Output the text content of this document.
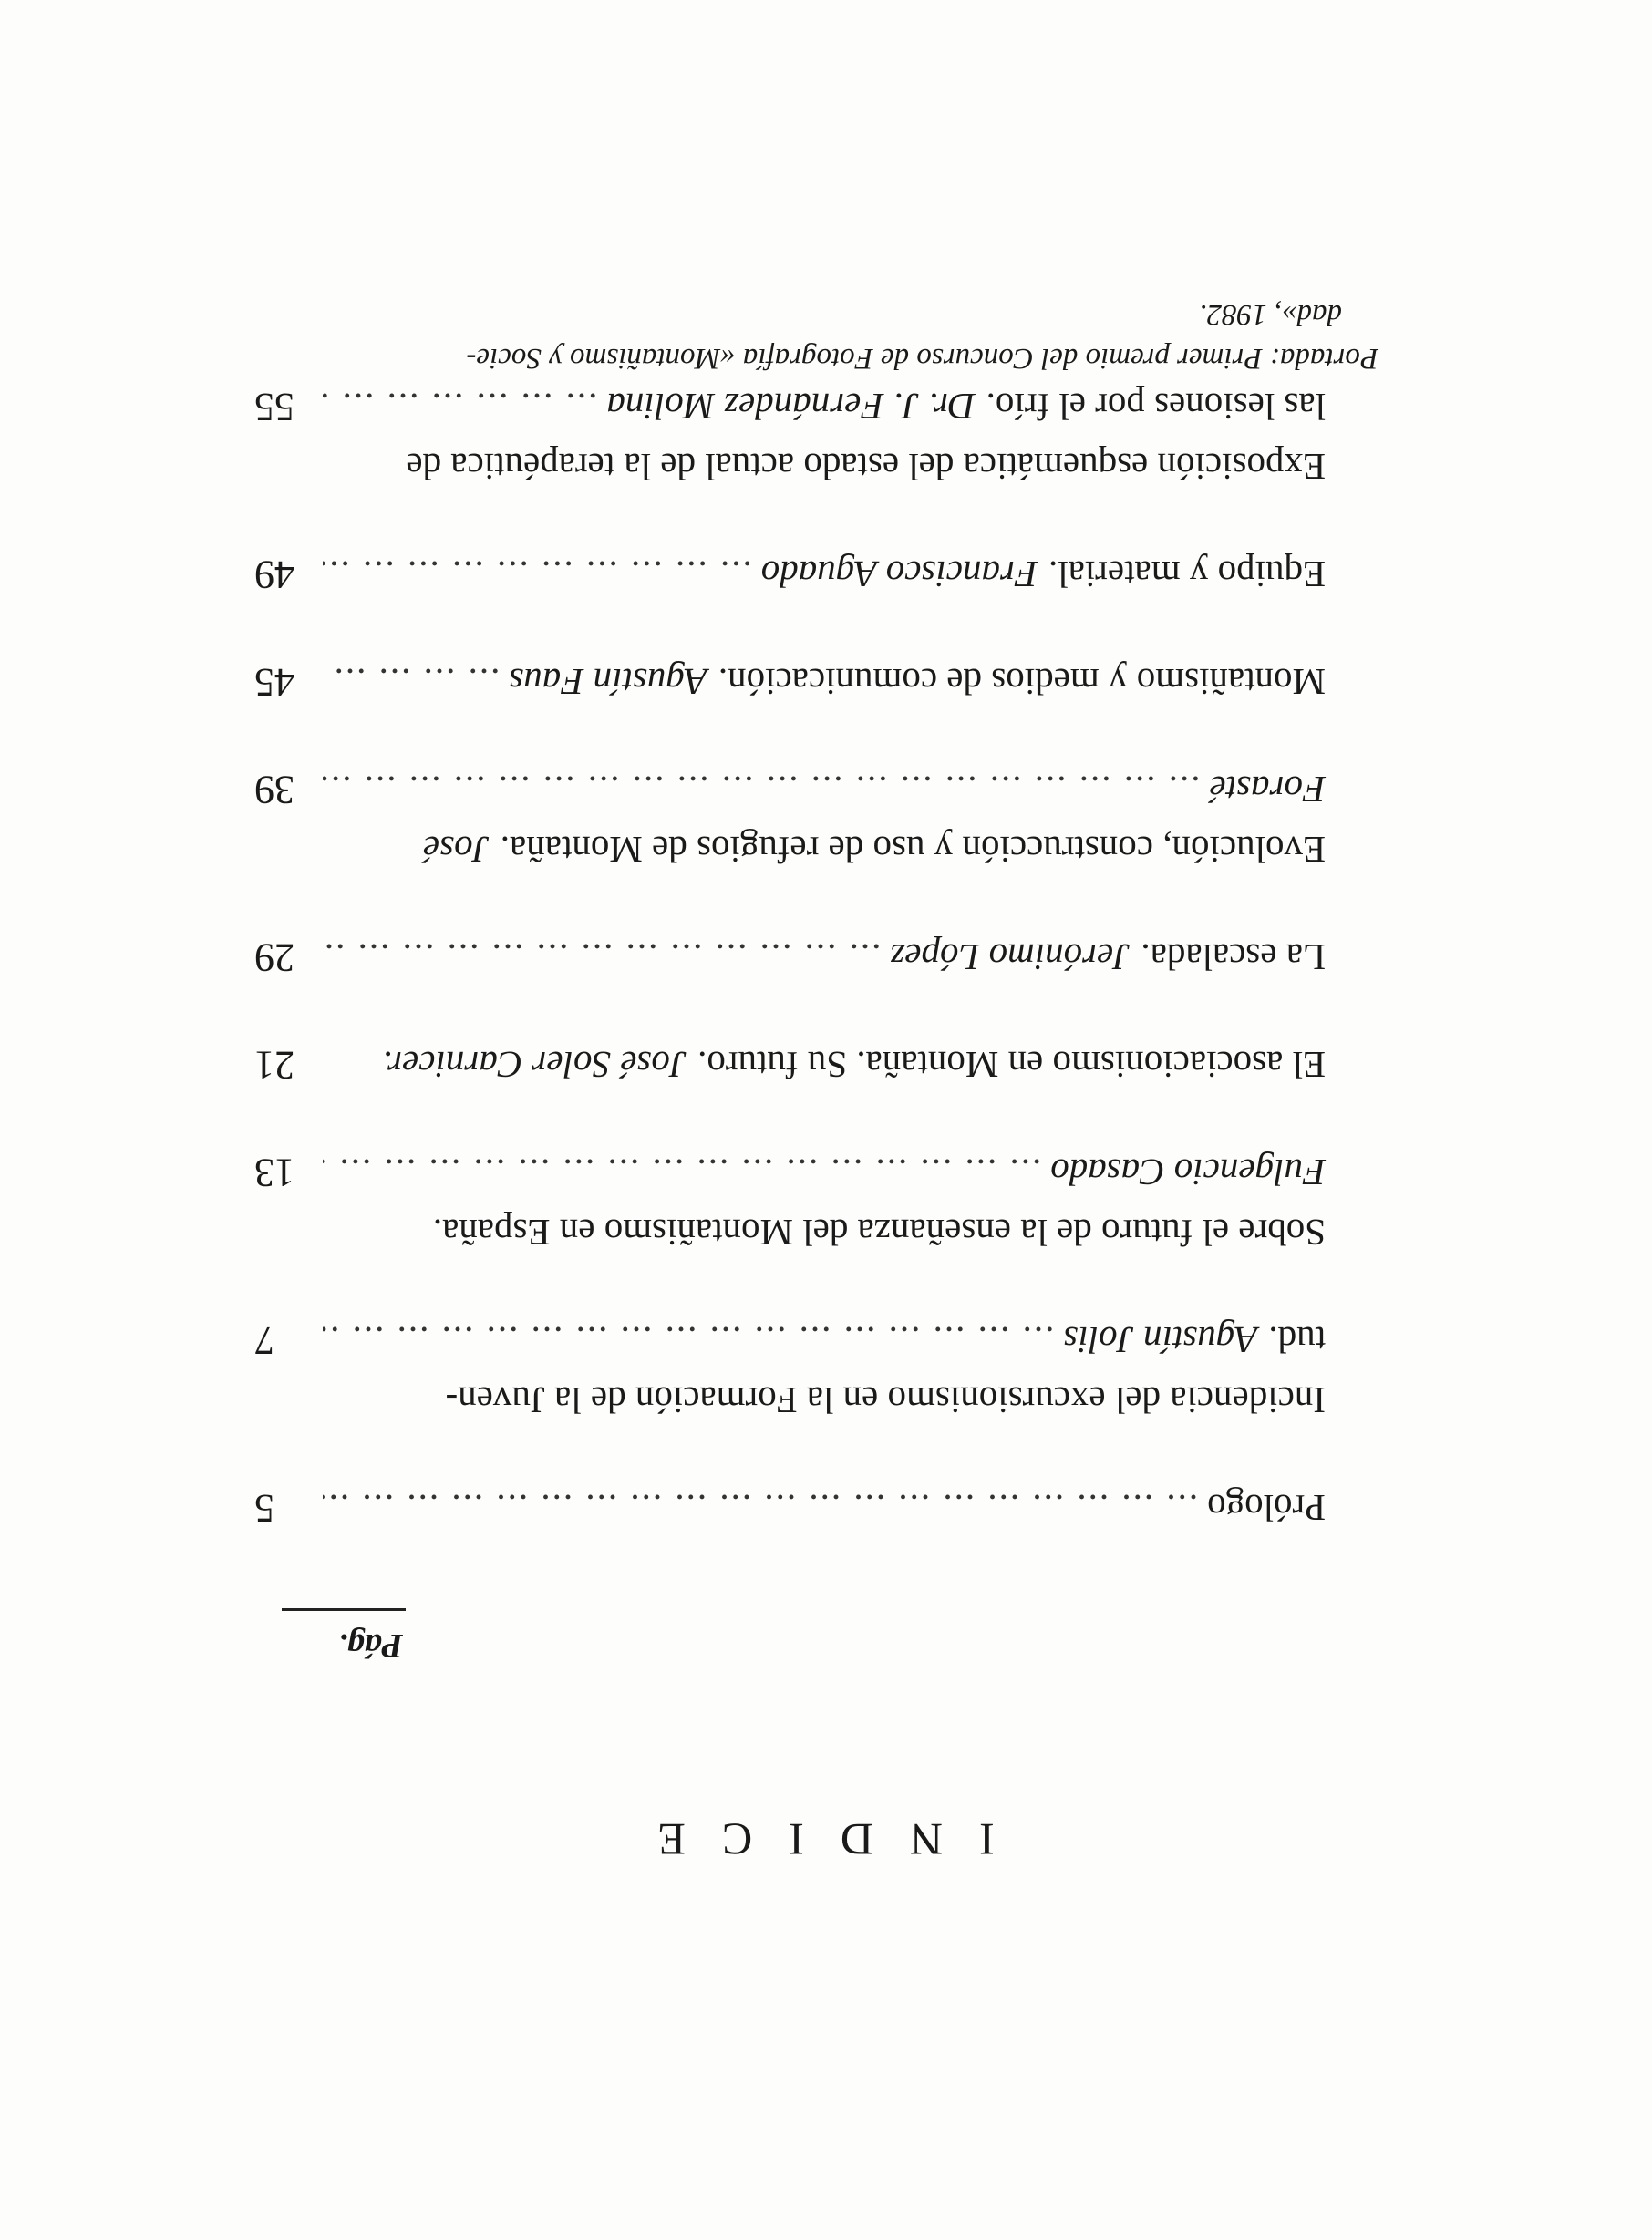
INDICE
Pág.
Prólogo
... .
5
Incidencia del excursionismo en la Formación de la Juven-
tud.
Agustín Jolis
... .
7
Sobre el futuro de la enseñanza del Montañismo en España.
Fulgencio Casado
... .
13
El asociacionismo en Montaña. Su futuro.
José Soler Carnicer.
21
La escalada.
Jerónimo López
... .
29
Evolución, construcción y uso de refugios de Montaña.
José
Forasté
... .
39
Montañismo y medios de comunicación.
Agustín Faus
... .
45
Equipo y material.
Francisco Aguado
... .
49
Exposición esquemática del estado actual de la terapéutica de
las lesiones por el frío.
Dr. J. Fernández Molina
... .
55
Portada: Primer premio del Concurso de Fotografía «Montañismo y Socie-
dad», 1982.
